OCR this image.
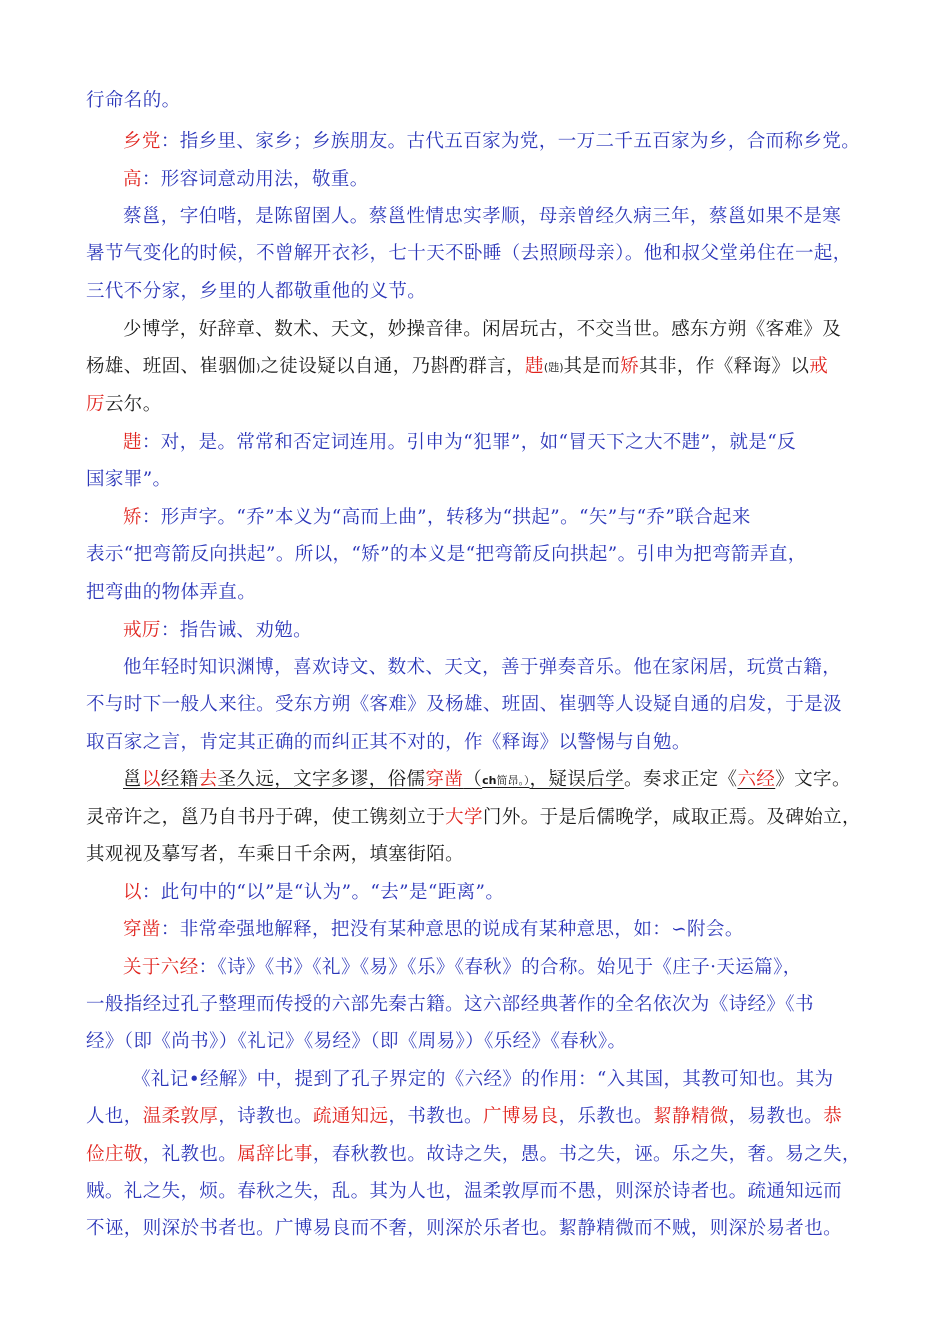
行命名的。
乡党：指乡里、家乡；乡族朋友。古代五百家为党，一万二千五百家为乡，合而称乡党。
高：形容词意动用法，敬重。
蔡邕，字伯喈，是陈留圉人。蔡邕性情忠实孝顺，母亲曾经久病三年，蔡邕如果不是寒
暑节气变化的时候，不曾解开衣衫，七十天不卧睡（去照顾母亲）。他和叔父堂弟住在一起，
三代不分家，乡里的人都敬重他的义节。
少博学，好辞章、数术、天文，妙操音律。闲居玩古，不交当世。感东方朔《客难》及
杨雄、班固、崔骃伽)之徒设疑以自通，乃斟酌群言，韪(韪)其是而矫其非，作《释诲》以戒
厉云尔。
韪：对，是。常常和否定词连用。引申为“犯罪”，如“冒天下之大不韪”，就是“反
国家罪”。
矫：形声字。“乔”本义为“高而上曲”，转移为“拱起”。“矢”与“乔”联合起来
表示“把弯箭反向拱起”。所以，“矫”的本义是“把弯箭反向拱起”。引申为把弯箭弄直，
把弯曲的物体弄直。
戒厉：指告诫、劝勉。
他年轻时知识渊博，喜欢诗文、数术、天文，善于弹奏音乐。他在家闲居，玩赏古籍，
不与时下一般人来往。受东方朔《客难》及杨雄、班固、崔驷等人设疑自通的启发，于是汲
取百家之言，肯定其正确的而纠正其不对的，作《释诲》以警惕与自勉。
邕以经籍去圣久远，文字多谬，俗儒穿凿（ch简昂。），疑误后学。奏求正定《六经》文字。
灵帝许之，邕乃自书丹于碑，使工镌刻立于大学门外。于是后儒晚学，咸取正焉。及碑始立，
其观视及摹写者，车乘日千余两，填塞街陌。
以：此句中的“以”是“认为”。“去”是“距离”。
穿凿：非常牵强地解释，把没有某种意思的说成有某种意思，如：∽附会。
关于六经：《诗》《书》《礼》《易》《乐》《春秋》的合称。始见于《庄子·天运篇》，
一般指经过孔子整理而传授的六部先秦古籍。这六部经典著作的全名依次为《诗经》《书
经》（即《尚书》）《礼记》《易经》（即《周易》）《乐经》《春秋》。
《礼记•经解》中，提到了孔子界定的《六经》的作用：“入其国，其教可知也。其为
人也，温柔敦厚，诗教也。疏通知远，书教也。广博易良，乐教也。絜静精微，易教也。恭
俭庄敬，礼教也。属辞比事，春秋教也。故诗之失，愚。书之失，诬。乐之失，奢。易之失，
贼。礼之失，烦。春秋之失，乱。其为人也，温柔敦厚而不愚，则深於诗者也。疏通知远而
不诬，则深於书者也。广博易良而不奢，则深於乐者也。絜静精微而不贼，则深於易者也。
